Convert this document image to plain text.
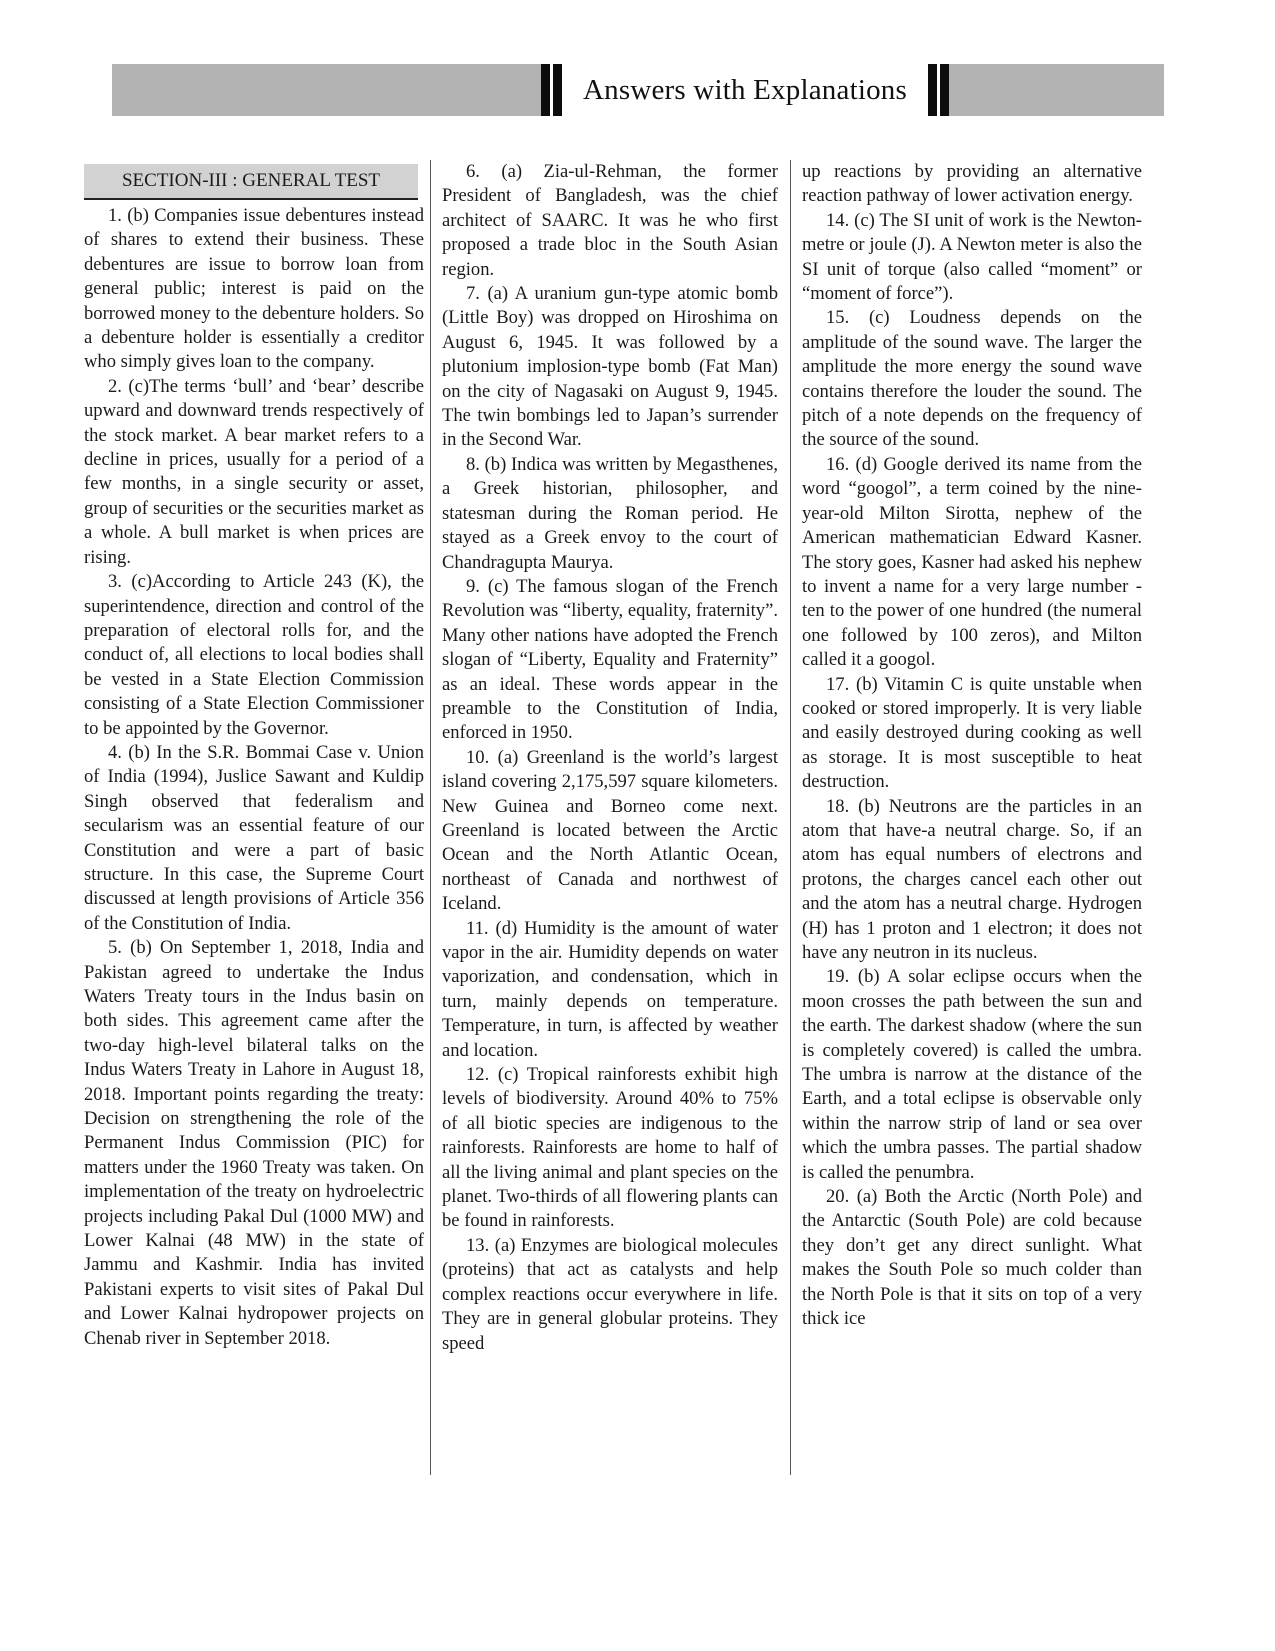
Answers with Explanations
SECTION-III : GENERAL TEST

1. (b) Companies issue debentures instead of shares to extend their business. These debentures are issue to borrow loan from general public; interest is paid on the borrowed money to the debenture holders. So a debenture holder is essentially a creditor who simply gives loan to the company.

2. (c)The terms ‘bull’ and ‘bear’ describe upward and downward trends respectively of the stock market. A bear market refers to a decline in prices, usually for a period of a few months, in a single security or asset, group of securities or the securities market as a whole. A bull market is when prices are rising.

3. (c)According to Article 243 (K), the superintendence, direction and control of the preparation of electoral rolls for, and the conduct of, all elections to local bodies shall be vested in a State Election Commission consisting of a State Election Commissioner to be appointed by the Governor.

4. (b) In the S.R. Bommai Case v. Union of India (1994), Juslice Sawant and Kuldip Singh observed that federalism and secularism was an essential feature of our Constitution and were a part of basic structure. In this case, the Supreme Court discussed at length provisions of Article 356 of the Constitution of India.

5. (b) On September 1, 2018, India and Pakistan agreed to undertake the Indus Waters Treaty tours in the Indus basin on both sides. This agreement came after the two-day high-level bilateral talks on the Indus Waters Treaty in Lahore in August 18, 2018. Important points regarding the treaty: Decision on strengthening the role of the Permanent Indus Commission (PIC) for matters under the 1960 Treaty was taken. On implementation of the treaty on hydroelectric projects including Pakal Dul (1000 MW) and Lower Kalnai (48 MW) in the state of Jammu and Kashmir. India has invited Pakistani experts to visit sites of Pakal Dul and Lower Kalnai hydropower projects on Chenab river in September 2018.

6. (a) Zia-ul-Rehman, the former President of Bangladesh, was the chief architect of SAARC. It was he who first proposed a trade bloc in the South Asian region.

7. (a) A uranium gun-type atomic bomb (Little Boy) was dropped on Hiroshima on August 6, 1945. It was followed by a plutonium implosion-type bomb (Fat Man) on the city of Nagasaki on August 9, 1945. The twin bombings led to Japan’s surrender in the Second War.

8. (b) Indica was written by Megasthenes, a Greek historian, philosopher, and statesman during the Roman period. He stayed as a Greek envoy to the court of Chandragupta Maurya.

9. (c) The famous slogan of the French Revolution was “liberty, equality, fraternity”. Many other nations have adopted the French slogan of “Liberty, Equality and Fraternity” as an ideal. These words appear in the preamble to the Constitution of India, enforced in 1950.

10. (a) Greenland is the world’s largest island covering 2,175,597 square kilometers. New Guinea and Borneo come next. Greenland is located between the Arctic Ocean and the North Atlantic Ocean, northeast of Canada and northwest of Iceland.

11. (d) Humidity is the amount of water vapor in the air. Humidity depends on water vaporization, and condensation, which in turn, mainly depends on temperature. Temperature, in turn, is affected by weather and location.

12. (c) Tropical rainforests exhibit high levels of biodiversity. Around 40% to 75% of all biotic species are indigenous to the rainforests. Rainforests are home to half of all the living animal and plant species on the planet. Two-thirds of all flowering plants can be found in rainforests.

13. (a) Enzymes are biological molecules (proteins) that act as catalysts and help complex reactions occur everywhere in life. They are in general globular proteins. They speed

up reactions by providing an alternative reaction pathway of lower activation energy.

14. (c) The SI unit of work is the Newton-metre or joule (J). A Newton meter is also the SI unit of torque (also called “moment” or “moment of force”).

15. (c) Loudness depends on the amplitude of the sound wave. The larger the amplitude the more energy the sound wave contains therefore the louder the sound. The pitch of a note depends on the frequency of the source of the sound.

16. (d) Google derived its name from the word “googol”, a term coined by the nine-year-old Milton Sirotta, nephew of the American mathematician Edward Kasner. The story goes, Kasner had asked his nephew to invent a name for a very large number - ten to the power of one hundred (the numeral one followed by 100 zeros), and Milton called it a googol.

17. (b) Vitamin C is quite unstable when cooked or stored improperly. It is very liable and easily destroyed during cooking as well as storage. It is most susceptible to heat destruction.

18. (b) Neutrons are the particles in an atom that have-a neutral charge. So, if an atom has equal numbers of electrons and protons, the charges cancel each other out and the atom has a neutral charge. Hydrogen (H) has 1 proton and 1 electron; it does not have any neutron in its nucleus.

19. (b) A solar eclipse occurs when the moon crosses the path between the sun and the earth. The darkest shadow (where the sun is completely covered) is called the umbra. The umbra is narrow at the distance of the Earth, and a total eclipse is observable only within the narrow strip of land or sea over which the umbra passes. The partial shadow is called the penumbra.

20. (a) Both the Arctic (North Pole) and the Antarctic (South Pole) are cold because they don’t get any direct sunlight. What makes the South Pole so much colder than the North Pole is that it sits on top of a very thick ice
